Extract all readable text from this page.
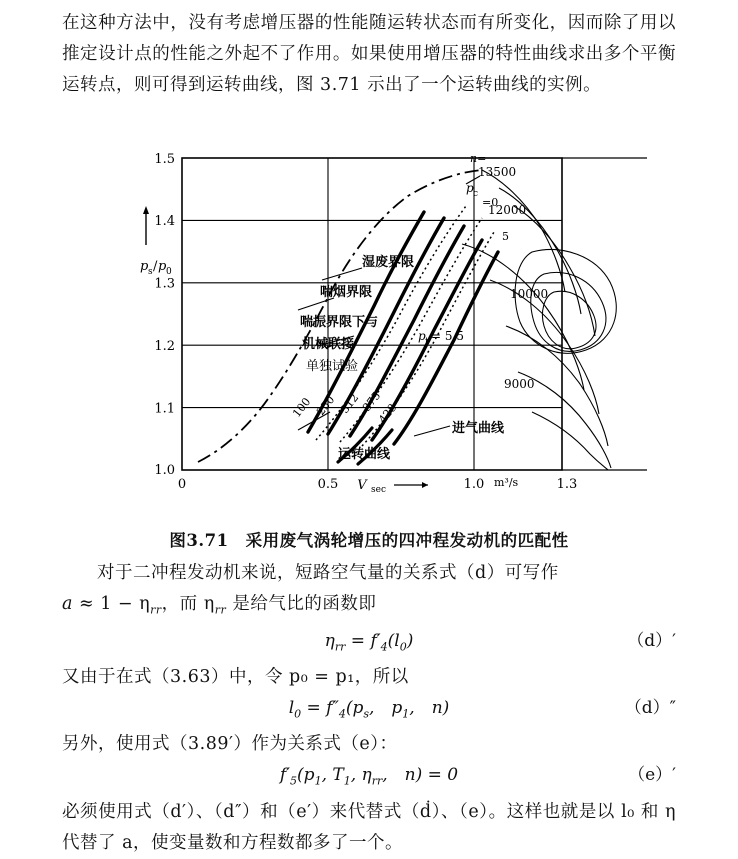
在这种方法中，没有考虑增压器的性能随运转状态而有所变化，因而除了用以推定设计点的性能之外起不了作用。如果使用增压器的特性曲线求出多个平衡运转点，则可得到运转曲线，图 3.71 示出了一个运转曲线的实例。
1.5
1.4
1.3
1.2
1.1
1.0
0	0.5	1.0	1.3
m³/s
V sec
p s / p 0
n=
13500
12000
10000
9000
p c
=0
5
湿废界限
喘烟界限
喘振界限下与
机械联接
单独试验
p t = 5.5
100 250 312
375
428
进气曲线
运转曲线
图3.71　采用废气涡轮增压的四冲程发动机的匹配性
对于二冲程发动机来说，短路空气量的关系式（d）可写作
$a \approx 1 - \eta_{rr}$，而 $\eta_{rr}$ 是给气比的函数即
$\eta_{rr} = f'_4(l_0)$	（d）′
又由于在式（3.63）中，令 p₀ = p₁，所以
$l_0 = f''_4(p_s$,　$p_1$,　n)	（d）″
另外，使用式（3.89′）作为关系式（e）：
$f'_5(p_1$, $T_1$, $\eta_{rr}$,　n) = 0	（e）′
必须使用式（d′）、（d″）和（e′）来代替式（ḋ）、（e）。这样也就是以 l₀ 和 η 代替了 a，使变量数和方程数都多了一个。
